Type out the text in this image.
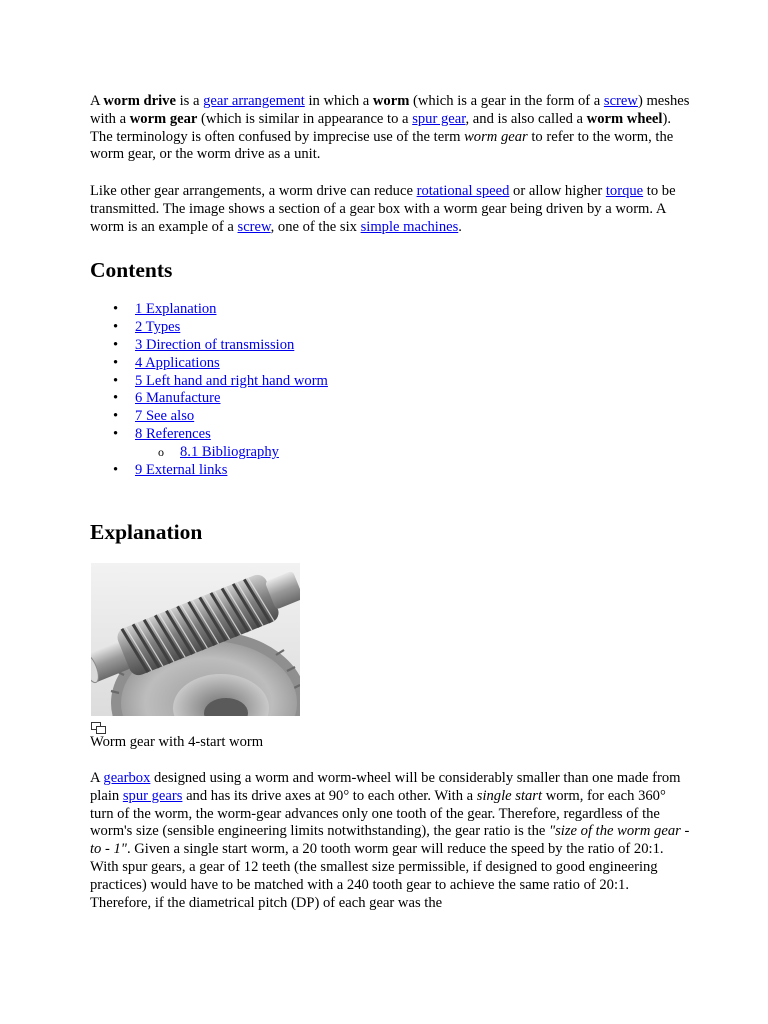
A worm drive is a gear arrangement in which a worm (which is a gear in the form of a screw) meshes with a worm gear (which is similar in appearance to a spur gear, and is also called a worm wheel). The terminology is often confused by imprecise use of the term worm gear to refer to the worm, the worm gear, or the worm drive as a unit.

Like other gear arrangements, a worm drive can reduce rotational speed or allow higher torque to be transmitted. The image shows a section of a gear box with a worm gear being driven by a worm. A worm is an example of a screw, one of the six simple machines.

Contents
• 1 Explanation
• 2 Types
• 3 Direction of transmission
• 4 Applications
• 5 Left hand and right hand worm
• 6 Manufacture
• 7 See also
• 8 References
o 8.1 Bibliography
• 9 External links
Explanation

Worm gear with 4-start worm

A gearbox designed using a worm and worm-wheel will be considerably smaller than one made from plain spur gears and has its drive axes at 90° to each other. With a single start worm, for each 360° turn of the worm, the worm-gear advances only one tooth of the gear. Therefore, regardless of the worm's size (sensible engineering limits notwithstanding), the gear ratio is the "size of the worm gear - to - 1". Given a single start worm, a 20 tooth worm gear will reduce the speed by the ratio of 20:1. With spur gears, a gear of 12 teeth (the smallest size permissible, if designed to good engineering practices) would have to be matched with a 240 tooth gear to achieve the same ratio of 20:1. Therefore, if the diametrical pitch (DP) of each gear was the
